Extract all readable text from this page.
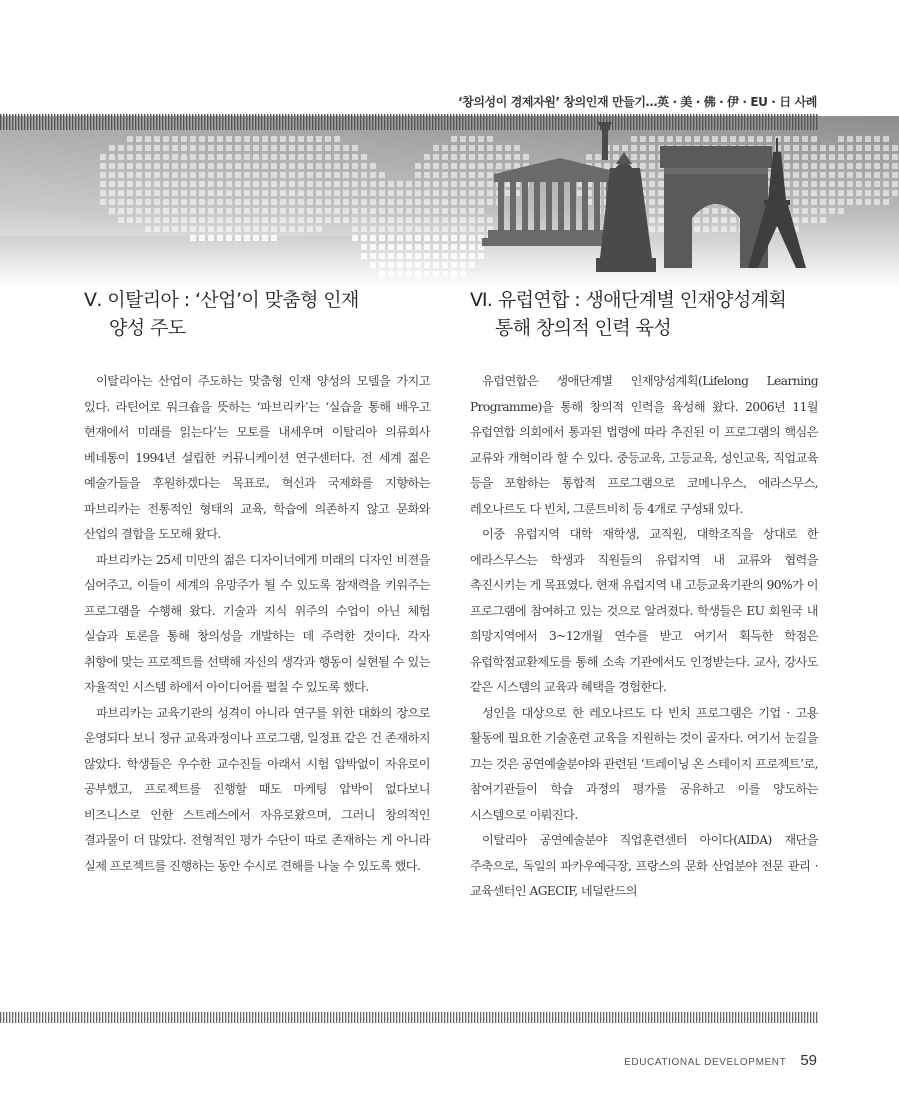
‘창의성이 경제자원’ 창의인재 만들기…英 · 美 · 佛 · 伊 · EU · 日 사례
Ⅴ. 이탈리아 : ‘산업’이 맞춤형 인재
양성 주도

이탈리아는 산업이 주도하는 맞춤형 인재 양성의 모델을 가지고 있다. 라틴어로 워크숍을 뜻하는 ‘파브리카’는 ‘실습을 통해 배우고 현재에서 미래를 읽는다’는 모토를 내세우며 이탈리아 의류회사 베네통이 1994년 설립한 커뮤니케이션 연구센터다. 전 세계 젊은 예술가들을 후원하겠다는 목표로, 혁신과 국제화를 지향하는 파브리카는 전통적인 형태의 교육, 학습에 의존하지 않고 문화와 산업의 결합을 도모해 왔다.

파브리카는 25세 미만의 젊은 디자이너에게 미래의 디자인 비젼을 심어주고, 이들이 세계의 유망주가 될 수 있도록 잠재력을 키워주는 프로그램을 수행해 왔다. 기술과 지식 위주의 수업이 아닌 체험 실습과 토론을 통해 창의성을 개발하는 데 주력한 것이다. 각자 취향에 맞는 프로젝트를 선택해 자신의 생각과 행동이 실현될 수 있는 자율적인 시스템 하에서 아이디어를 펼칠 수 있도록 했다.

파브리카는 교육기관의 성격이 아니라 연구를 위한 대화의 장으로 운영되다 보니 정규 교육과정이나 프로그램, 일정표 같은 건 존재하지 않았다. 학생들은 우수한 교수진들 아래서 시험 압박없이 자유로이 공부했고, 프로젝트를 진행할 때도 마케팅 압박이 없다보니 비즈니스로 인한 스트레스에서 자유로왔으며, 그러니 창의적인 결과물이 더 많았다. 전형적인 평가 수단이 따로 존재하는 게 아니라 실제 프로젝트를 진행하는 동안 수시로 견해를 나눌 수 있도록 했다.

Ⅵ. 유럽연합 : 생애단계별 인재양성계획
통해 창의적 인력 육성

유럽연합은 생애단계별 인재양성계획(Lifelong Learning Programme)을 통해 창의적 인력을 육성해 왔다. 2006년 11월 유럽연합 의회에서 통과된 법령에 따라 추진된 이 프로그램의 핵심은 교류와 개혁이라 할 수 있다. 중등교육, 고등교육, 성인교육, 직업교육 등을 포함하는 통합적 프로그램으로 코메니우스, 에라스무스, 레오나르도 다 빈치, 그룬트비히 등 4개로 구성돼 있다.

이중 유럽지역 대학 재학생, 교직원, 대학조직을 상대로 한 에라스무스는 학생과 직원들의 유럽지역 내 교류와 협력을 촉진시키는 게 목표였다. 현재 유럽지역 내 고등교육기관의 90%가 이 프로그램에 참여하고 있는 것으로 알려졌다. 학생들은 EU 회원국 내 희망지역에서 3~12개월 연수를 받고 여기서 획득한 학점은 유럽학점교환제도를 통해 소속 기관에서도 인정받는다. 교사, 강사도 같은 시스템의 교육과 혜택을 경험한다.

성인을 대상으로 한 레오나르도 다 빈치 프로그램은 기업 · 고용 활동에 필요한 기술훈련 교육을 지원하는 것이 골자다. 여기서 눈길을 끄는 것은 공연예술분야와 관련된 ‘트레이닝 온 스테이지 프로젝트’로, 참여기관들이 학습 과정의 평가를 공유하고 이를 양도하는 시스템으로 이뤄진다.

이탈리아 공연예술분야 직업훈련센터 아이다(AIDA) 재단을 주축으로, 독일의 파카우예극장, 프랑스의 문화 산업분야 전문 관리 · 교육센터인 AGECIF, 네덜란드의

EDUCATIONAL DEVELOPMENT 59
